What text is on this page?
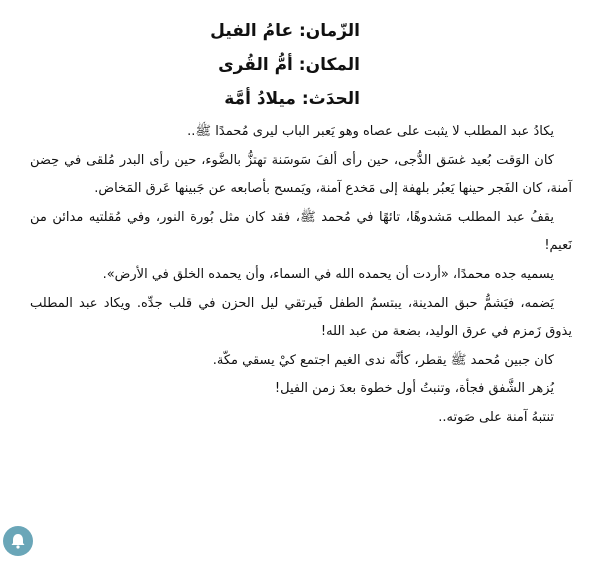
الزّمان: عامُ الفيل

المكان: أمُّ القُرى

الحدَث: ميلادُ أمَّة

يكادُ عبد المطلب لا يثبت على عصاه وهو يَعبر الباب ليرى مُحمدًا ﷺ..

كان الوَقت بُعيد غسَق الدُّجى، حين رأى ألفَ سَوسَنة تهتزُّ بالضَّوء، حين رأى البدر مُلقى في حِضن آمنة، كان الفَجر حينها يَعبُر بلهفة إلى مَخدع آمنة، ويَمسح بأصابعه عن جَبينها عَرق المَخاض.

يقفُ عبد المطلب مَشدوهًا، تائهًا في مُحمد ﷺ، فقد كان مثل بُورة النور، وفي مُقلتيه مدائن من نَعيم!

يسميه جده محمدًا، «أردت أن يحمده الله في السماء، وأن يحمده الخلق في الأرض».

يَضمه، فيَشمُّ حبق المدينة، يبتسمُ الطفل فَيرتقي ليل الحزن في قلب جدِّه. ويكاد عبد المطلب يذوق زَمزم في عرق الوليد، بضعة من عبد الله!

كان جبين مُحمد ﷺ يقطر، كأنَّه ندى الغيم اجتمع كيْ يسقي مكّة.

يُزهر الشَّفق فجأة، وتنبتُ أول خطوة بعدَ زمن الفيل!

تنتبهُ آمنة على صَوته..
